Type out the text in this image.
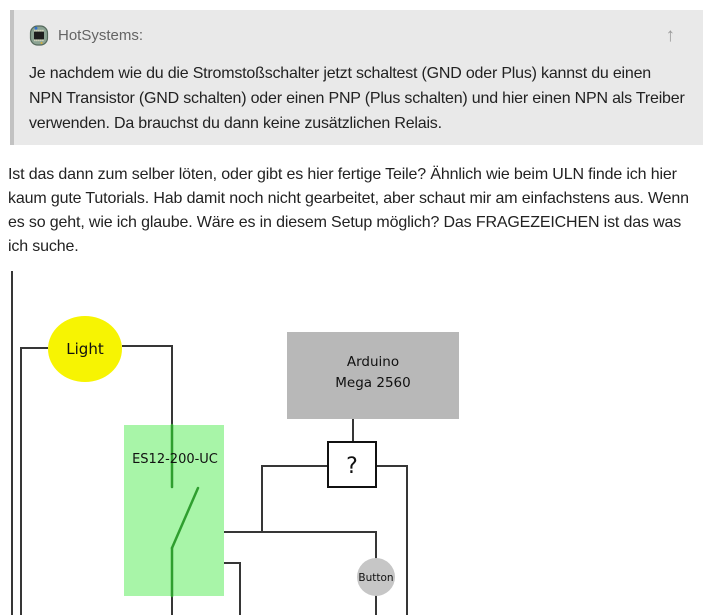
HotSystems:	↑

Je nachdem wie du die Stromstoßschalter jetzt schaltest (GND oder Plus) kannst du einen NPN Transistor (GND schalten) oder einen PNP (Plus schalten) und hier einen NPN als Treiber verwenden. Da brauchst du dann keine zusätzlichen Relais.

Ist das dann zum selber löten, oder gibt es hier fertige Teile? Ähnlich wie beim ULN finde ich hier kaum gute Tutorials. Hab damit noch nicht gearbeitet, aber schaut mir am einfachstens aus. Wenn es so geht, wie ich glaube. Wäre es in diesem Setup möglich? Das FRAGEZEICHEN ist das was ich suche.

Light
ES12-200-UC
Arduino
Mega 2560
?
Button
